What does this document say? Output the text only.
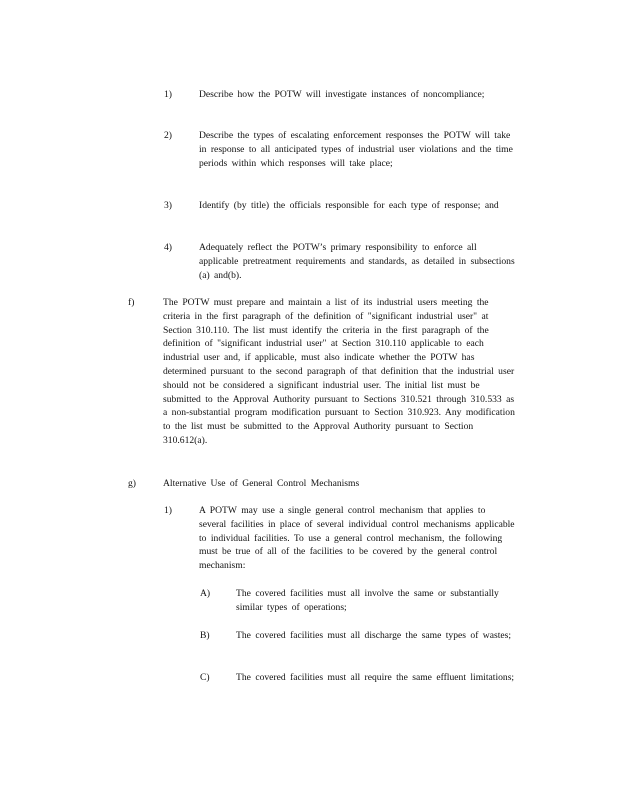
1)	Describe how the POTW will investigate instances of noncompliance;
2)	Describe the types of escalating enforcement responses the POTW will take in response to all anticipated types of industrial user violations and the time periods within which responses will take place;
3)	Identify (by title) the officials responsible for each type of response; and
4)	Adequately reflect the POTW’s primary responsibility to enforce all applicable pretreatment requirements and standards, as detailed in subsections (a) and(b).
f)	The POTW must prepare and maintain a list of its industrial users meeting the criteria in the first paragraph of the definition of "significant industrial user" at Section 310.110. The list must identify the criteria in the first paragraph of the definition of "significant industrial user" at Section 310.110 applicable to each industrial user and, if applicable, must also indicate whether the POTW has determined pursuant to the second paragraph of that definition that the industrial user should not be considered a significant industrial user. The initial list must be submitted to the Approval Authority pursuant to Sections 310.521 through 310.533 as a non-substantial program modification pursuant to Section 310.923. Any modification to the list must be submitted to the Approval Authority pursuant to Section 310.612(a).
g)	Alternative Use of General Control Mechanisms
1)	A POTW may use a single general control mechanism that applies to several facilities in place of several individual control mechanisms applicable to individual facilities. To use a general control mechanism, the following must be true of all of the facilities to be covered by the general control mechanism:
A)	The covered facilities must all involve the same or substantially similar types of operations;
B)	The covered facilities must all discharge the same types of wastes;
C)	The covered facilities must all require the same effluent limitations;
